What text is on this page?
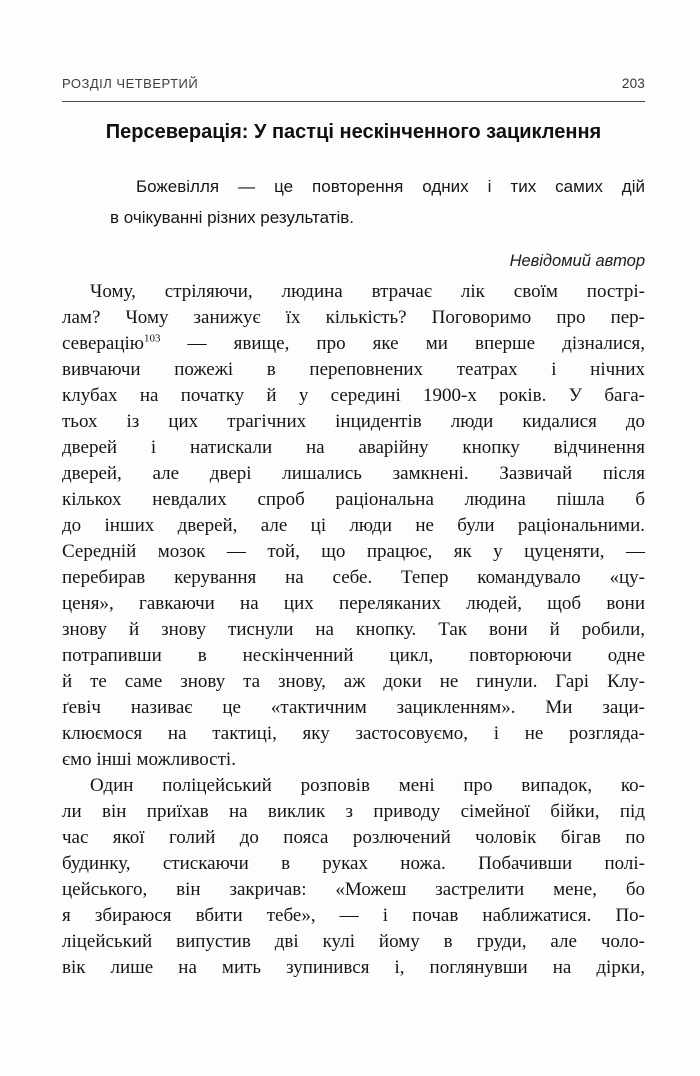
РОЗДІЛ ЧЕТВЕРТИЙ	203
Персеверація: У пастці нескінченного зациклення
Божевілля — це повторення одних і тих самих дій
в очікуванні різних результатів.
Невідомий автор
Чому, стріляючи, людина втрачає лік своїм пострі-
лам? Чому занижує їх кількість? Поговоримо про пер-
северацію$^{103}$ — явище, про яке ми вперше дізналися,
вивчаючи пожежі в переповнених театрах і нічних
клубах на початку й у середині 1900-х років. У бага-
тьох із цих трагічних інцидентів люди кидалися до
дверей і натискали на аварійну кнопку відчинення
дверей, але двері лишались замкнені. Зазвичай після
кількох невдалих спроб раціональна людина пішла б
до інших дверей, але ці люди не були раціональними.
Середній мозок — той, що працює, як у цуценяти, —
перебирав керування на себе. Тепер командувало «цу-
ценя», гавкаючи на цих переляканих людей, щоб вони
знову й знову тиснули на кнопку. Так вони й робили,
потрапивши в нескінченний цикл, повторюючи одне
й те саме знову та знову, аж доки не гинули. Гарі Клу-
ґевіч називає це «тактичним зацикленням». Ми заци-
клюємося на тактиці, яку застосовуємо, і не розгляда-
ємо інші можливості.
Один поліцейський розповів мені про випадок, ко-
ли він приїхав на виклик з приводу сімейної бійки, під
час якої голий до пояса розлючений чоловік бігав по
будинку, стискаючи в руках ножа. Побачивши полі-
цейського, він закричав: «Можеш застрелити мене, бо
я збираюся вбити тебе», — і почав наближатися. По-
ліцейський випустив дві кулі йому в груди, але чоло-
вік лише на мить зупинився і, поглянувши на дірки,
